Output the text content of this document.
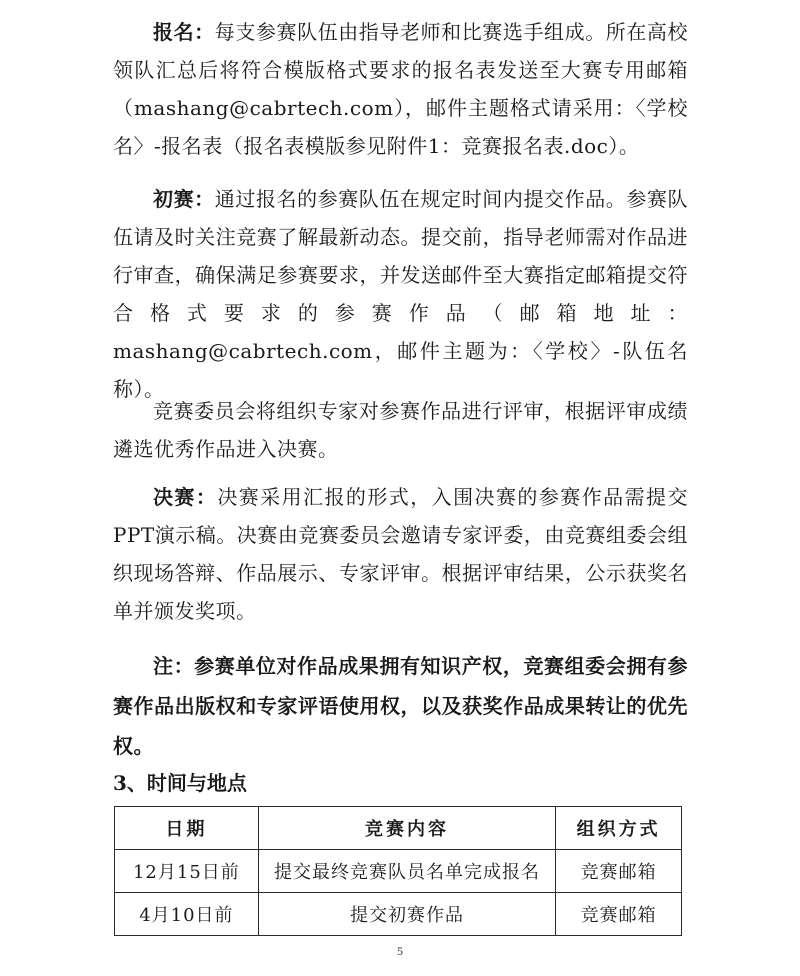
报名：每支参赛队伍由指导老师和比赛选手组成。所在高校领队汇总后将符合模版格式要求的报名表发送至大赛专用邮箱（mashang@cabrtech.com），邮件主题格式请采用：〈学校名〉-报名表（报名表模版参见附件1：竞赛报名表.doc）。

初赛：通过报名的参赛队伍在规定时间内提交作品。参赛队伍请及时关注竞赛了解最新动态。提交前，指导老师需对作品进行审查，确保满足参赛要求，并发送邮件至大赛指定邮箱提交符合格式要求的参赛作品（邮箱地址：mashang@cabrtech.com，邮件主题为：〈学校〉-队伍名称）。

竞赛委员会将组织专家对参赛作品进行评审，根据评审成绩遴选优秀作品进入决赛。

决赛：决赛采用汇报的形式，入围决赛的参赛作品需提交PPT演示稿。决赛由竞赛委员会邀请专家评委，由竞赛组委会组织现场答辩、作品展示、专家评审。根据评审结果，公示获奖名单并颁发奖项。

注：参赛单位对作品成果拥有知识产权，竞赛组委会拥有参赛作品出版权和专家评语使用权，以及获奖作品成果转让的优先权。

3、时间与地点
日期	竞赛内容	组织方式
12月15日前	提交最终竞赛队员名单完成报名	竞赛邮箱
4月10日前	提交初赛作品	竞赛邮箱
5
